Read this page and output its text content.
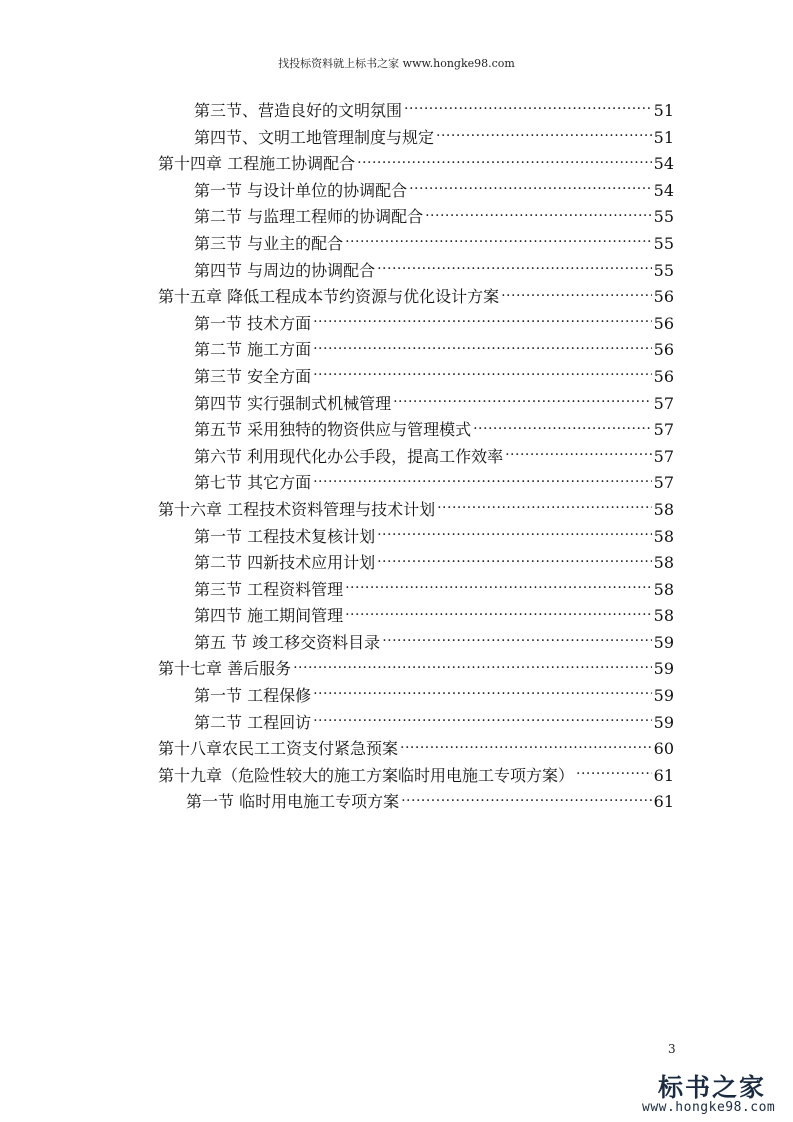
找投标资料就上标书之家 www.hongke98.com
第三节、营造良好的文明氛围 .....	51
第四节、文明工地管理制度与规定 .....	51
第十四章 工程施工协调配合 .....	54
第一节 与设计单位的协调配合 .....	54
第二节 与监理工程师的协调配合 .....	55
第三节 与业主的配合 .....	55
第四节 与周边的协调配合 .....	55
第十五章 降低工程成本节约资源与优化设计方案 .....	56
第一节 技术方面 .....	56
第二节 施工方面 .....	56
第三节 安全方面 .....	56
第四节 实行强制式机械管理 .....	57
第五节 采用独特的物资供应与管理模式 .....	57
第六节 利用现代化办公手段，提高工作效率 .....	57
第七节 其它方面 .....	57
第十六章 工程技术资料管理与技术计划 .....	58
第一节 工程技术复核计划 .....	58
第二节 四新技术应用计划 .....	58
第三节 工程资料管理 .....	58
第四节 施工期间管理 .....	58
第五 节 竣工移交资料目录 .....	59
第十七章 善后服务 .....	59
第一节 工程保修 .....	59
第二节 工程回访 .....	59
第十八章农民工工资支付紧急预案 .....	60
第十九章（危险性较大的施工方案临时用电施工专项方案） .....	61
第一节 临时用电施工专项方案 .....	61
3
标书之家
www.hongke98.com
